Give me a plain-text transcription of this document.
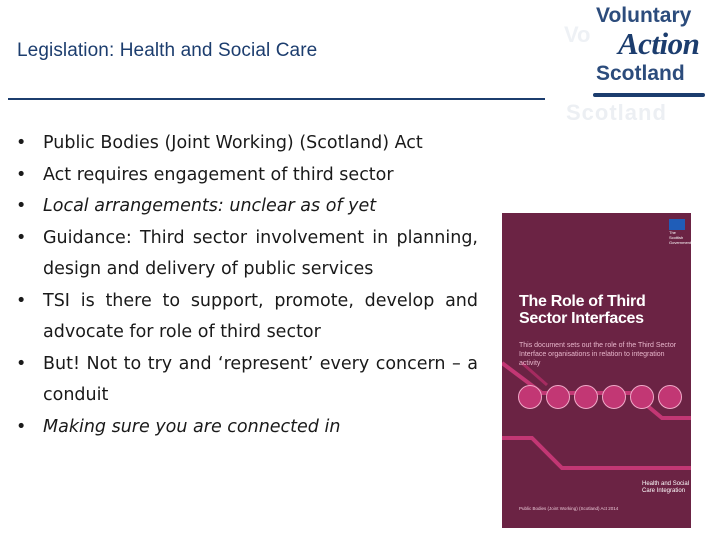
Legislation: Health and Social Care
Vo
Scotland
Voluntary
Action
Scotland
• Public Bodies (Joint Working) (Scotland) Act
• Act requires engagement of third sector
• Local arrangements: unclear as of yet
• Guidance: Third sector involvement in planning, design and delivery of public services
• TSI is there to support, promote, develop and advocate for role of third sector
• But! Not to try and ‘represent’ every concern – a conduit
• Making sure you are connected in
The Scottish Government
The Role of Third Sector Interfaces
This document sets out the role of the Third Sector Interface organisations in relation to integration activity
Health and Social Care Integration
Public Bodies (Joint Working) (Scotland) Act 2014
